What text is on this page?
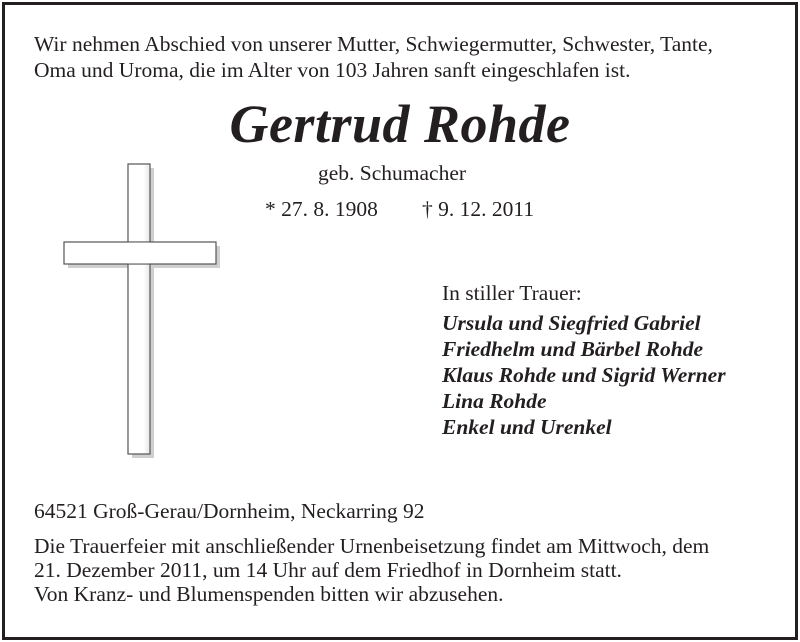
Wir nehmen Abschied von unserer Mutter, Schwiegermutter, Schwester, Tante,
Oma und Uroma, die im Alter von 103 Jahren sanft eingeschlafen ist.
Gertrud Rohde
geb. Schumacher
* 27. 8. 1908 † 9. 12. 2011
In stiller Trauer:
Ursula und Siegfried Gabriel
Friedhelm und Bärbel Rohde
Klaus Rohde und Sigrid Werner
Lina Rohde
Enkel und Urenkel
64521 Groß-Gerau/Dornheim, Neckarring 92
Die Trauerfeier mit anschließender Urnenbeisetzung findet am Mittwoch, dem
21. Dezember 2011, um 14 Uhr auf dem Friedhof in Dornheim statt.
Von Kranz- und Blumenspenden bitten wir abzusehen.
